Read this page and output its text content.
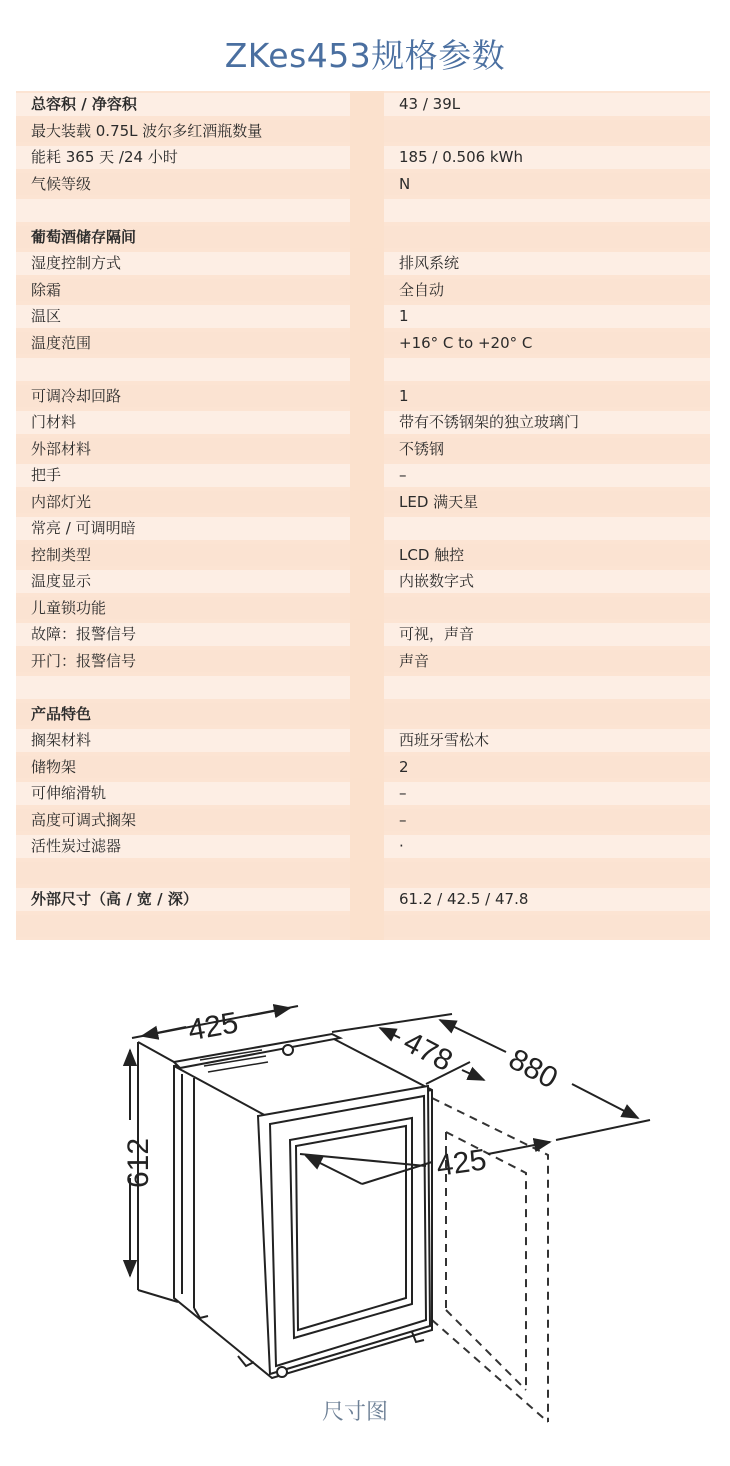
ZKes453规格参数
总容积 / 净容积	43 / 39L
最大装载 0.75L 波尔多红酒瓶数量
能耗 365 天 /24 小时	185 / 0.506 kWh
气候等级	N
葡萄酒储存隔间
湿度控制方式	排风系统
除霜	全自动
温区	1
温度范围	+16° C to +20° C
可调冷却回路	1
门材料	带有不锈钢架的独立玻璃门
外部材料	不锈钢
把手	–
内部灯光	LED 满天星
常亮 / 可调明暗
控制类型	LCD 触控
温度显示	内嵌数字式
儿童锁功能
故障：报警信号	可视，声音
开门：报警信号	声音
产品特色
搁架材料	西班牙雪松木
储物架	2
可伸缩滑轨	–
高度可调式搁架	–
活性炭过滤器	·
外部尺寸（高 / 宽 / 深）	61.2 / 42.5 / 47.8
425	478 880
612	425
尺寸图
